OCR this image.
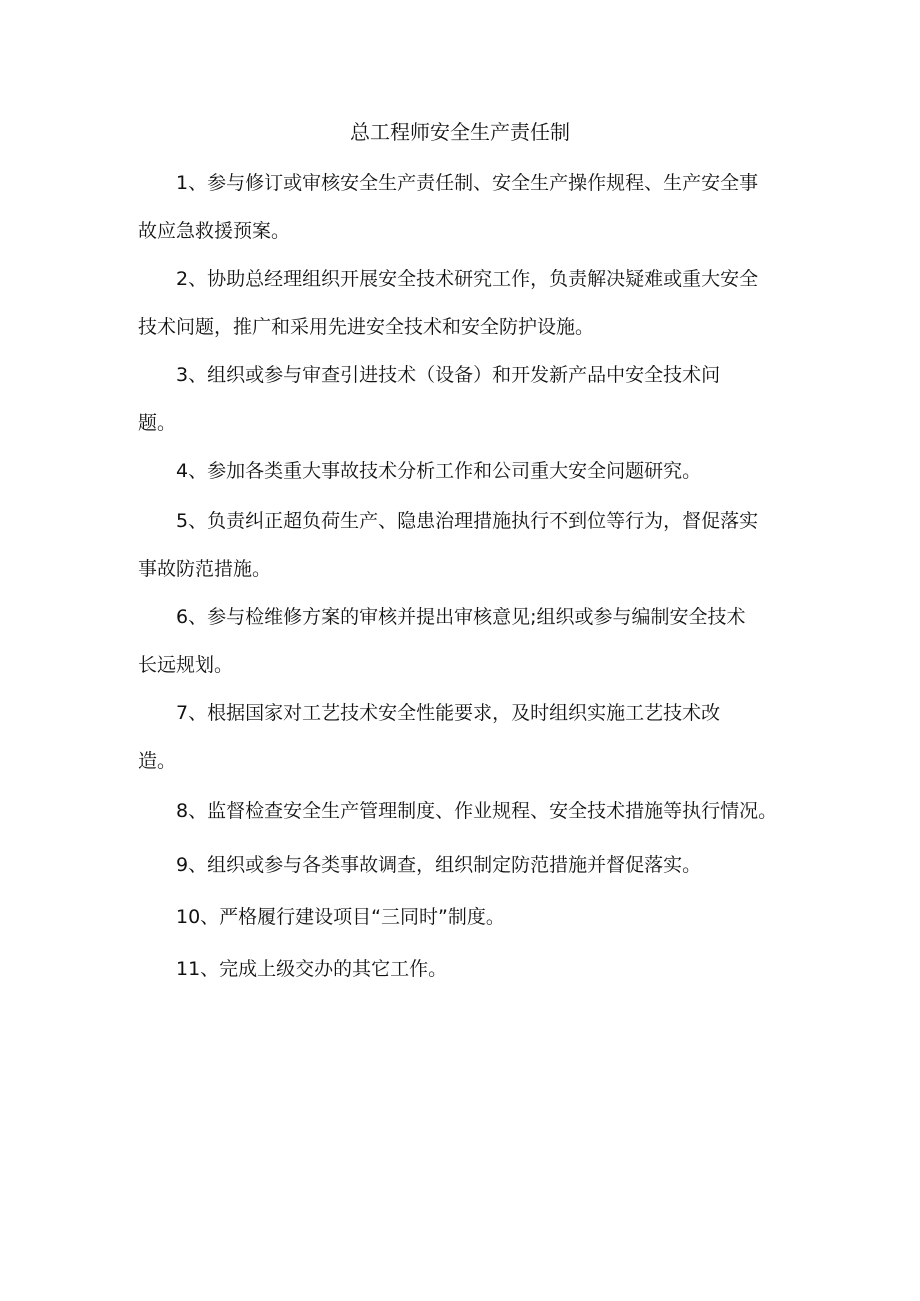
总工程师安全生产责任制
1、参与修订或审核安全生产责任制、安全生产操作规程、生产安全事
故应急救援预案。
2、协助总经理组织开展安全技术研究工作，负责解决疑难或重大安全
技术问题，推广和采用先进安全技术和安全防护设施。
3、组织或参与审查引进技术（设备）和开发新产品中安全技术问
题。
4、参加各类重大事故技术分析工作和公司重大安全问题研究。
5、负责纠正超负荷生产、隐患治理措施执行不到位等行为，督促落实
事故防范措施。
6、参与检维修方案的审核并提出审核意见;组织或参与编制安全技术
长远规划。
7、根据国家对工艺技术安全性能要求，及时组织实施工艺技术改
造。
8、监督检查安全生产管理制度、作业规程、安全技术措施等执行情况。
9、组织或参与各类事故调查，组织制定防范措施并督促落实。
10、严格履行建设项目“三同时”制度。
11、完成上级交办的其它工作。
